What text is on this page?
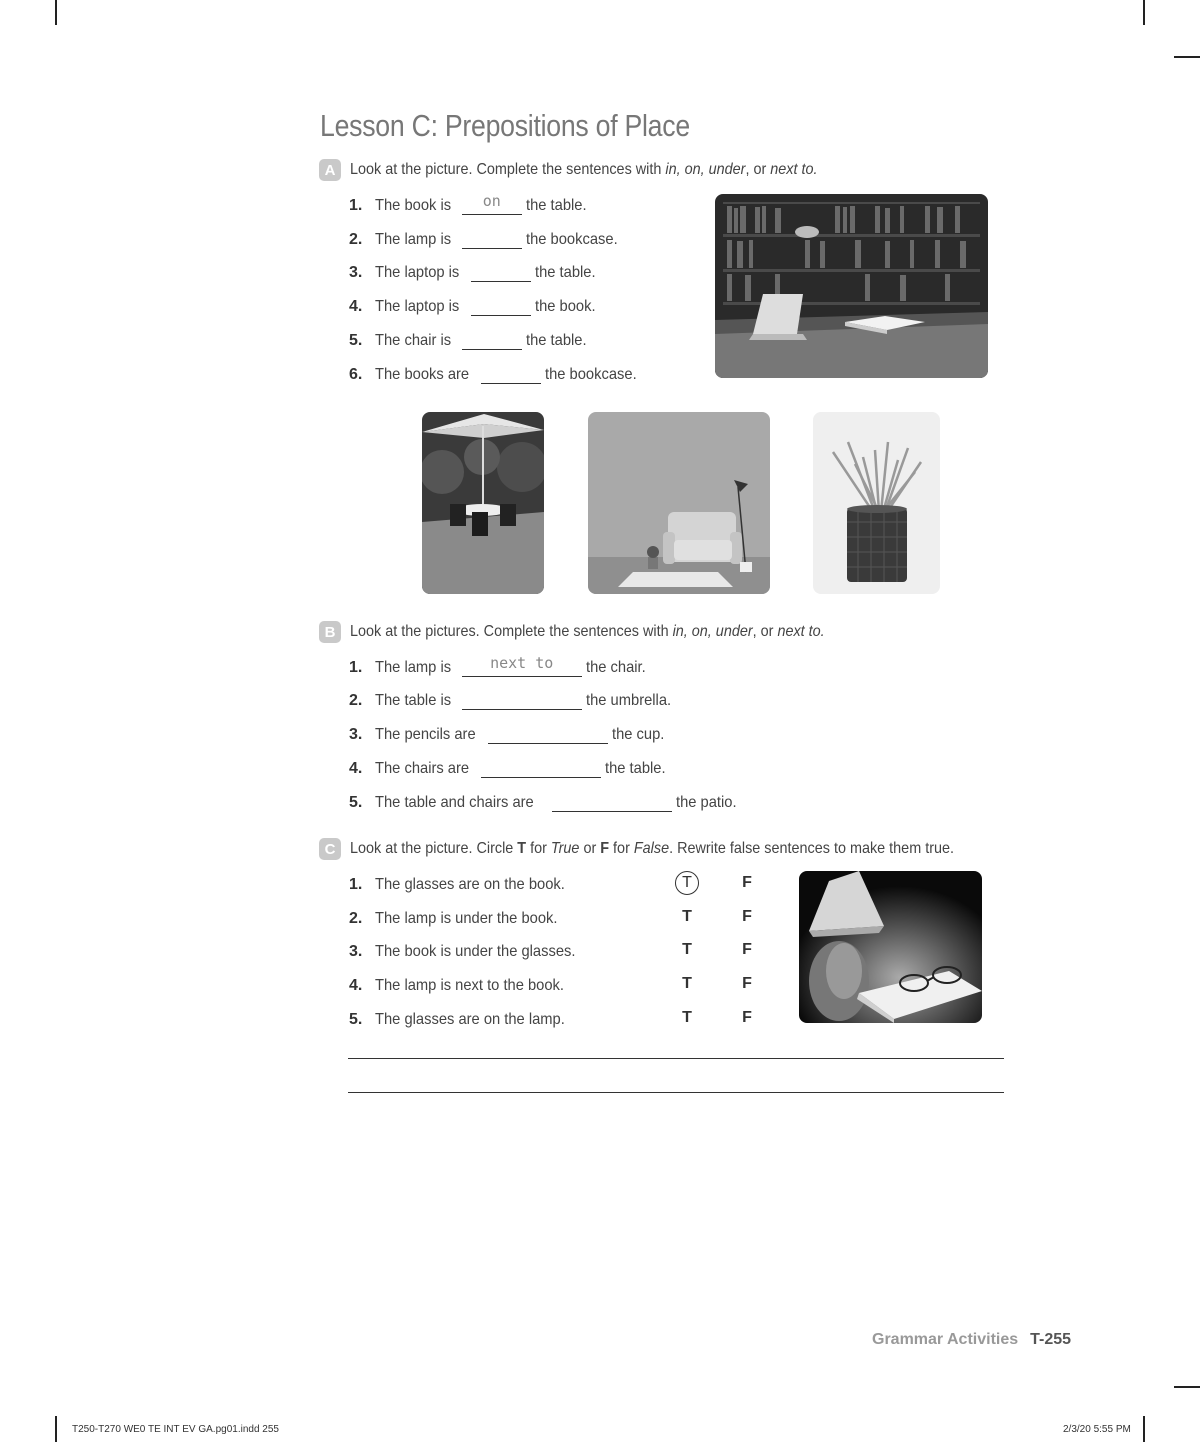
Lesson C: Prepositions of Place
A Look at the picture. Complete the sentences with in, on, under, or next to.
1. The book is	on	the table.
2. The lamp is	the bookcase.
3. The laptop is	the table.
4. The laptop is	the book.
5. The chair is	the table.
6. The books are	the bookcase.
B Look at the pictures. Complete the sentences with in, on, under, or next to.
1. The lamp is	next to	the chair.
2. The table is	the umbrella.
3. The pencils are	the cup.
4. The chairs are	the table.
5. The table and chairs are	the patio.
C Look at the picture. Circle T for True or F for False. Rewrite false sentences to make them true.
1. The glasses are on the book.	T	F
2. The lamp is under the book.	T	F
3. The book is under the glasses.	T	F
4. The lamp is next to the book.	T	F
5. The glasses are on the lamp.	T	F
Grammar Activities T-255
T250-T270 WE0 TE INT EV GA.pg01.indd 255	2/3/20 5:55 PM
